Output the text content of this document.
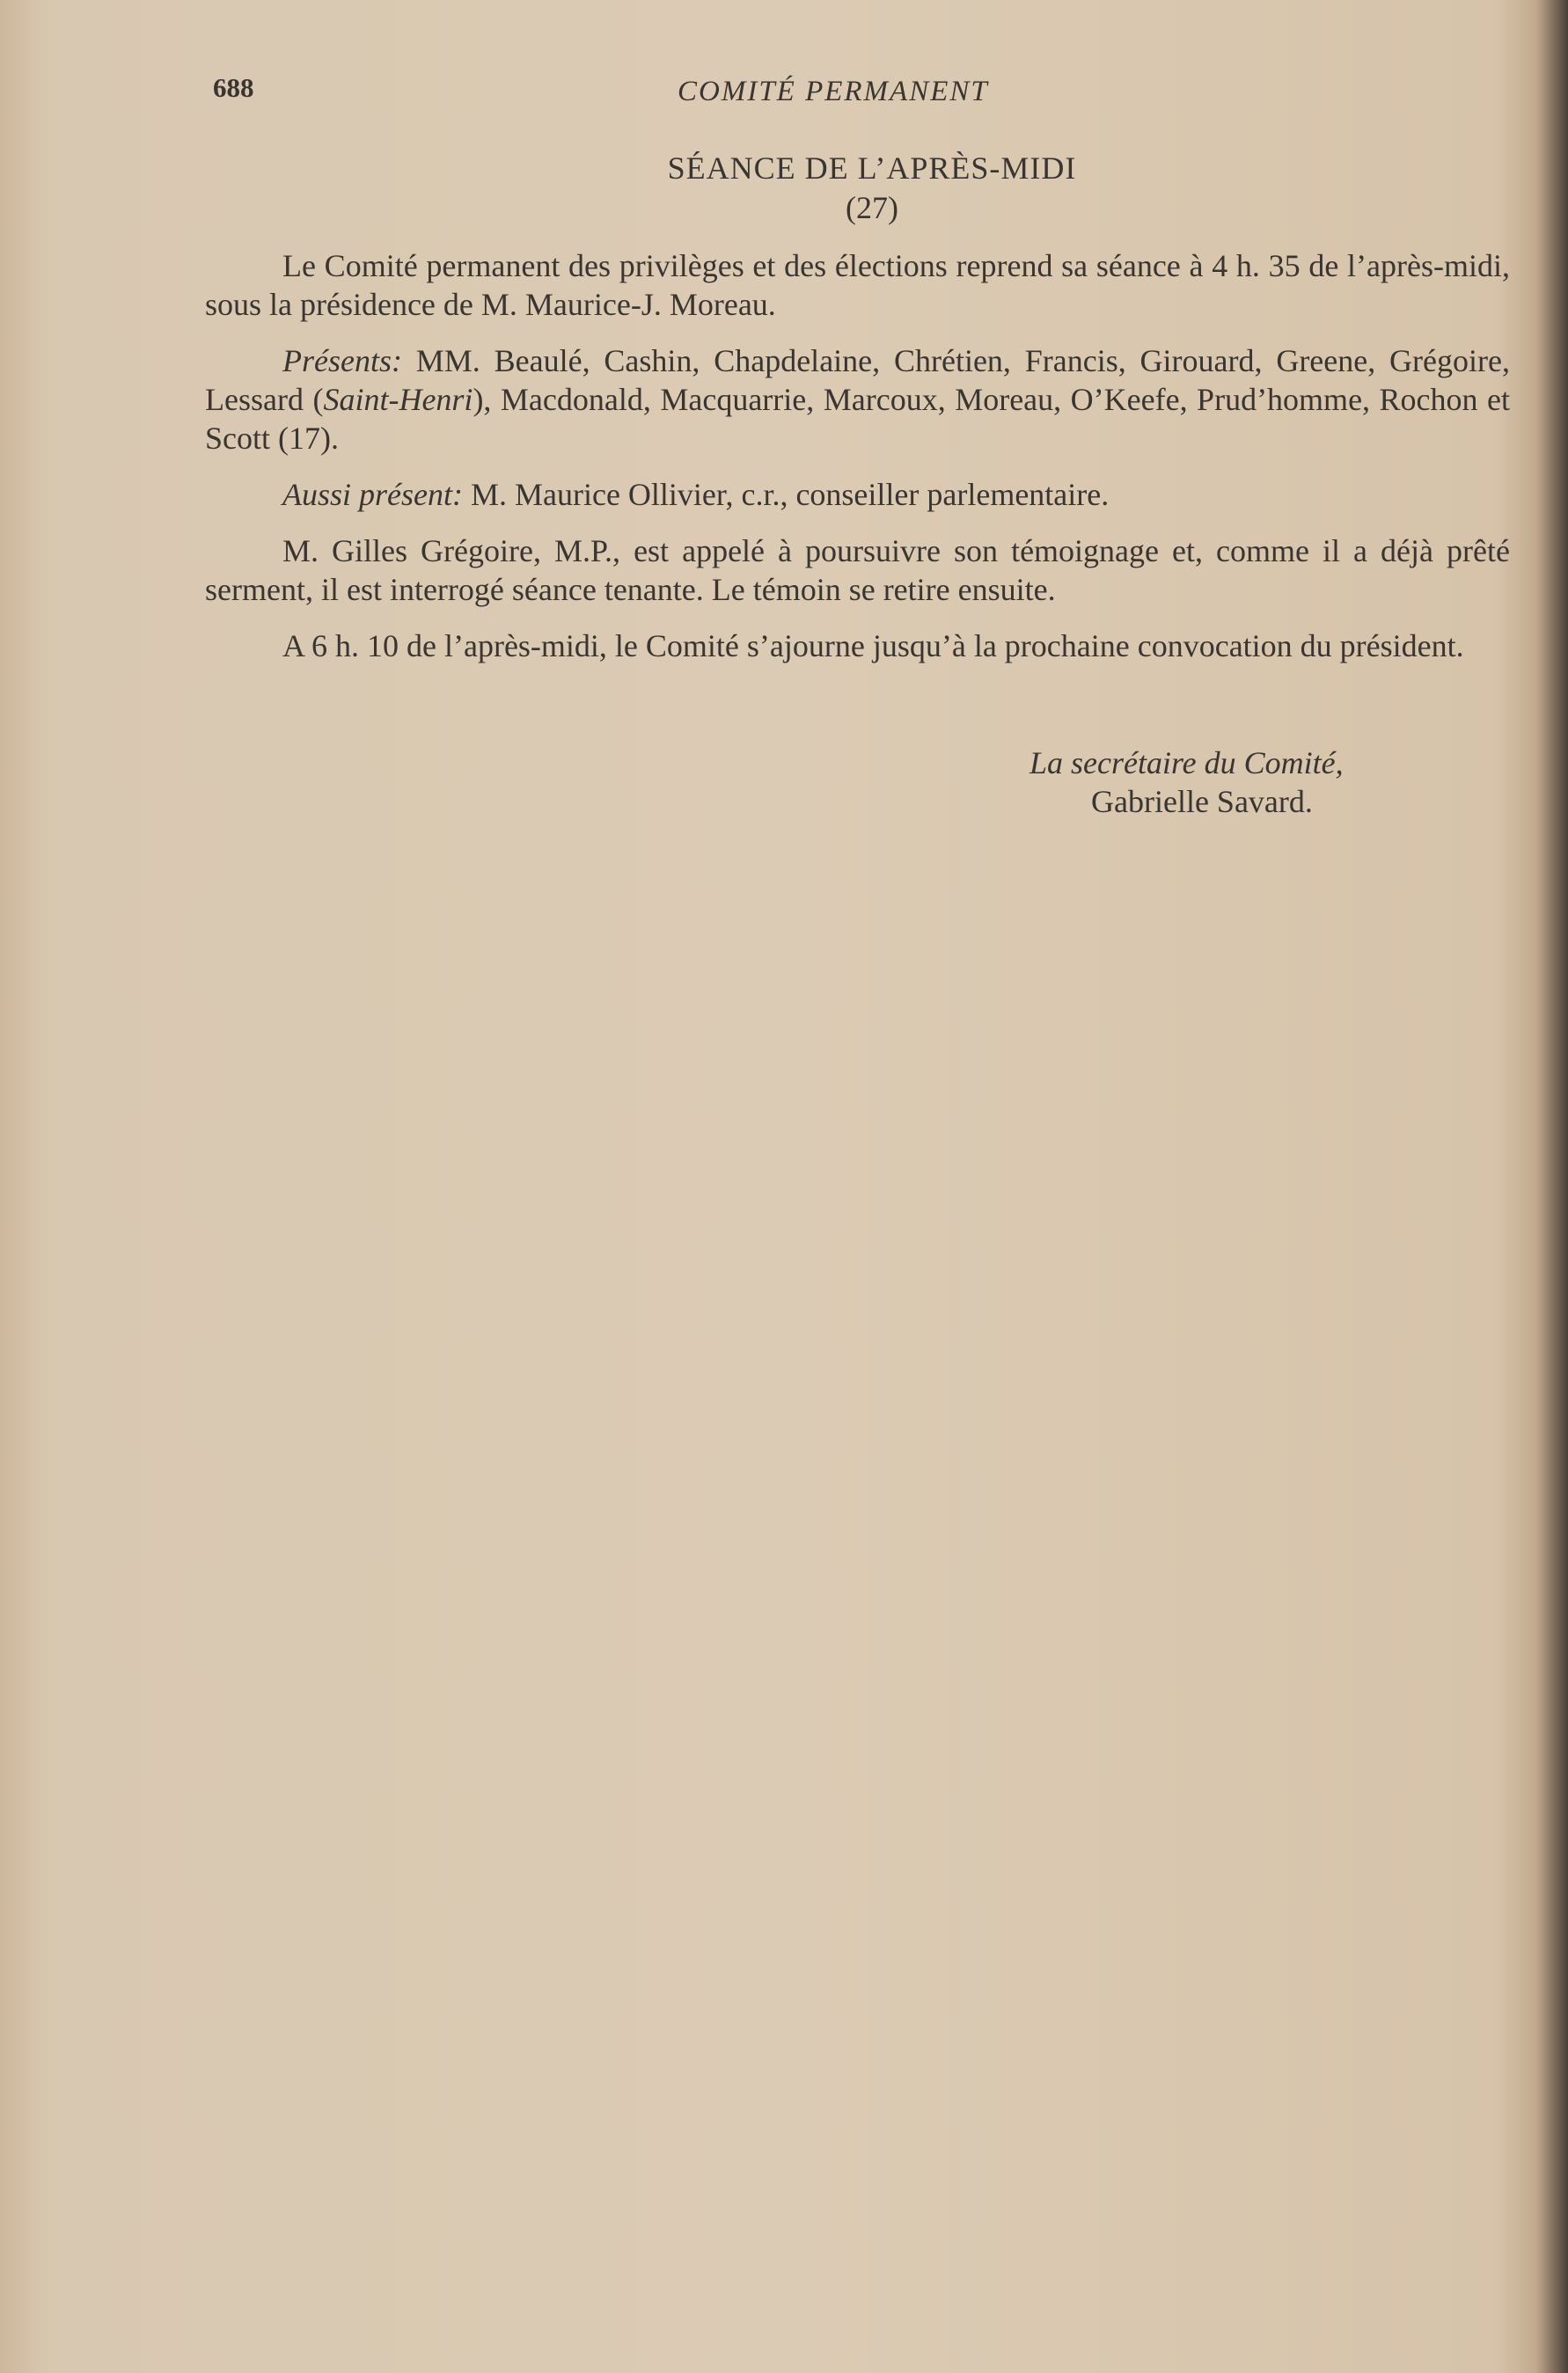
688	COMITÉ PERMANENT
SÉANCE DE L’APRÈS-MIDI
(27)

Le Comité permanent des privilèges et des élections reprend sa séance à 4 h. 35 de l’après-midi, sous la présidence de M. Maurice-J. Moreau.

Présents: MM. Beaulé, Cashin, Chapdelaine, Chrétien, Francis, Girouard, Greene, Grégoire, Lessard (Saint-Henri), Macdonald, Macquarrie, Marcoux, Moreau, O’Keefe, Prud’homme, Rochon et Scott (17).

Aussi présent: M. Maurice Ollivier, c.r., conseiller parlementaire.

M. Gilles Grégoire, M.P., est appelé à poursuivre son témoignage et, comme il a déjà prêté serment, il est interrogé séance tenante. Le témoin se retire ensuite.

A 6 h. 10 de l’après-midi, le Comité s’ajourne jusqu’à la prochaine convocation du président.

La secrétaire du Comité,
Gabrielle Savard.
